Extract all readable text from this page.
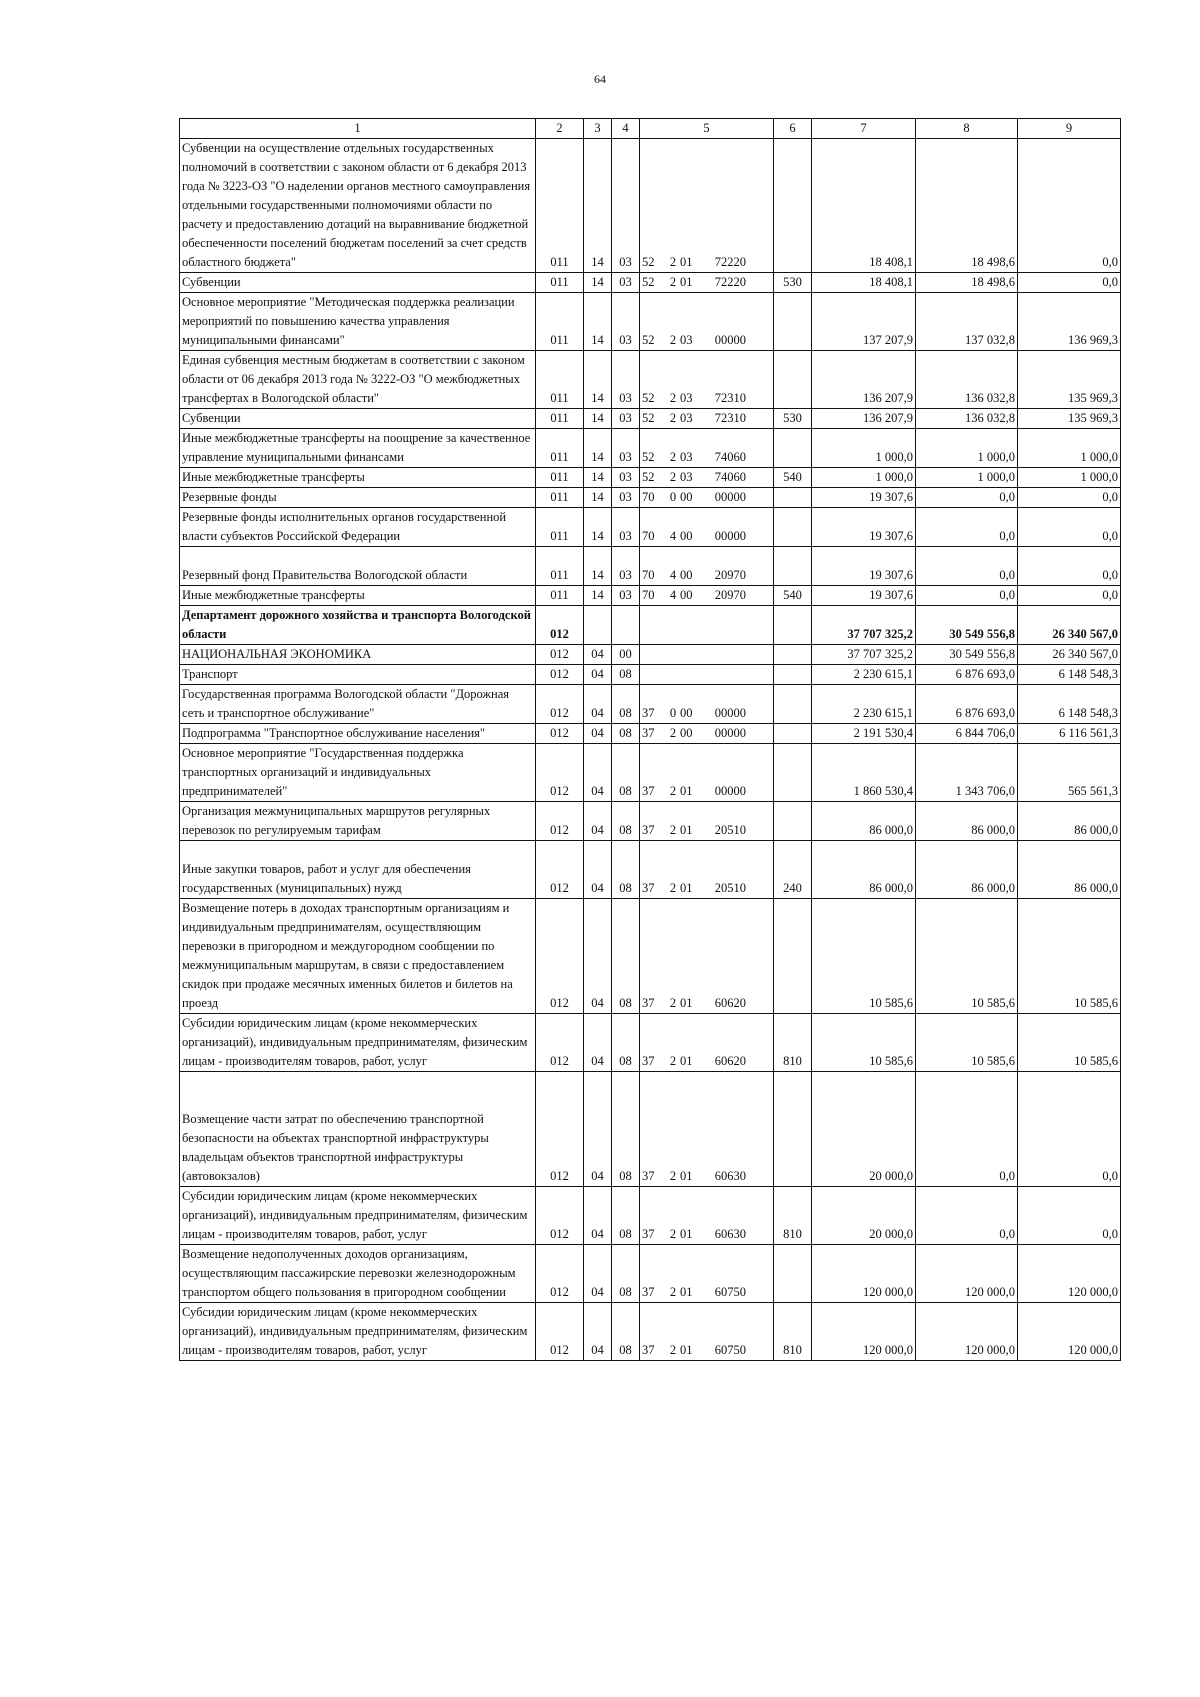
64
1	2	3	4	5	6	7	8	9
Субвенции на осуществление отдельных государственных полномочий в соответствии с законом области от 6 декабря 2013 года № 3223-ОЗ "О наделении органов местного самоуправления отдельными государственными полномочиями области по расчету и предоставлению дотаций на выравнивание бюджетной обеспеченности поселений бюджетам поселений за счет средств областного бюджета"	011	14	03	52 2 01 72220		18 408,1	18 498,6	0,0
Субвенции	011	14	03	52 2 01 72220	530	18 408,1	18 498,6	0,0
Основное мероприятие "Методическая поддержка реализации мероприятий по повышению качества управления муниципальными финансами"	011	14	03	52 2 03 00000		137 207,9	137 032,8	136 969,3
Единая субвенция местным бюджетам в соответствии с законом области от 06 декабря 2013 года № 3222-ОЗ "О межбюджетных трансфертах в Вологодской области"	011	14	03	52 2 03 72310		136 207,9	136 032,8	135 969,3
Субвенции	011	14	03	52 2 03 72310	530	136 207,9	136 032,8	135 969,3
Иные межбюджетные трансферты на поощрение за качественное управление муниципальными финансами	011	14	03	52 2 03 74060		1 000,0	1 000,0	1 000,0
Иные межбюджетные трансферты	011	14	03	52 2 03 74060	540	1 000,0	1 000,0	1 000,0
Резервные фонды	011	14	03	70 0 00 00000		19 307,6	0,0	0,0
Резервные фонды исполнительных органов государственной власти субъектов Российской Федерации	011	14	03	70 4 00 00000		19 307,6	0,0	0,0

Резервный фонд Правительства Вологодской области	011	14	03	70 4 00 20970		19 307,6	0,0	0,0
Иные межбюджетные трансферты	011	14	03	70 4 00 20970	540	19 307,6	0,0	0,0
Департамент дорожного хозяйства и транспорта Вологодской области	012					37 707 325,2	30 549 556,8	26 340 567,0
НАЦИОНАЛЬНАЯ ЭКОНОМИКА	012	04	00			37 707 325,2	30 549 556,8	26 340 567,0
Транспорт	012	04	08			2 230 615,1	6 876 693,0	6 148 548,3
Государственная программа Вологодской области "Дорожная сеть и транспортное обслуживание"	012	04	08	37 0 00 00000		2 230 615,1	6 876 693,0	6 148 548,3
Подпрограмма "Транспортное обслуживание населения"	012	04	08	37 2 00 00000		2 191 530,4	6 844 706,0	6 116 561,3
Основное мероприятие "Государственная поддержка транспортных организаций и индивидуальных предпринимателей"	012	04	08	37 2 01 00000		1 860 530,4	1 343 706,0	565 561,3
Организация межмуниципальных маршрутов регулярных перевозок по регулируемым тарифам	012	04	08	37 2 01 20510		86 000,0	86 000,0	86 000,0

Иные закупки товаров, работ и услуг для обеспечения государственных (муниципальных) нужд	012	04	08	37 2 01 20510	240	86 000,0	86 000,0	86 000,0
Возмещение потерь в доходах транспортным организациям и индивидуальным предпринимателям, осуществляющим перевозки в пригородном и междугородном сообщении по межмуниципальным маршрутам, в связи с предоставлением скидок при продаже месячных именных билетов и билетов на проезд	012	04	08	37 2 01 60620		10 585,6	10 585,6	10 585,6
Субсидии юридическим лицам (кроме некоммерческих организаций), индивидуальным предпринимателям, физическим лицам - производителям товаров, работ, услуг	012	04	08	37 2 01 60620	810	10 585,6	10 585,6	10 585,6

Возмещение части затрат по обеспечению транспортной безопасности на объектах транспортной инфраструктуры владельцам объектов транспортной инфраструктуры (автовокзалов)	012	04	08	37 2 01 60630		20 000,0	0,0	0,0
Субсидии юридическим лицам (кроме некоммерческих организаций), индивидуальным предпринимателям, физическим лицам - производителям товаров, работ, услуг	012	04	08	37 2 01 60630	810	20 000,0	0,0	0,0
Возмещение недополученных доходов организациям, осуществляющим пассажирские перевозки железнодорожным транспортом общего пользования в пригородном сообщении	012	04	08	37 2 01 60750		120 000,0	120 000,0	120 000,0
Субсидии юридическим лицам (кроме некоммерческих организаций), индивидуальным предпринимателям, физическим лицам - производителям товаров, работ, услуг	012	04	08	37 2 01 60750	810	120 000,0	120 000,0	120 000,0
